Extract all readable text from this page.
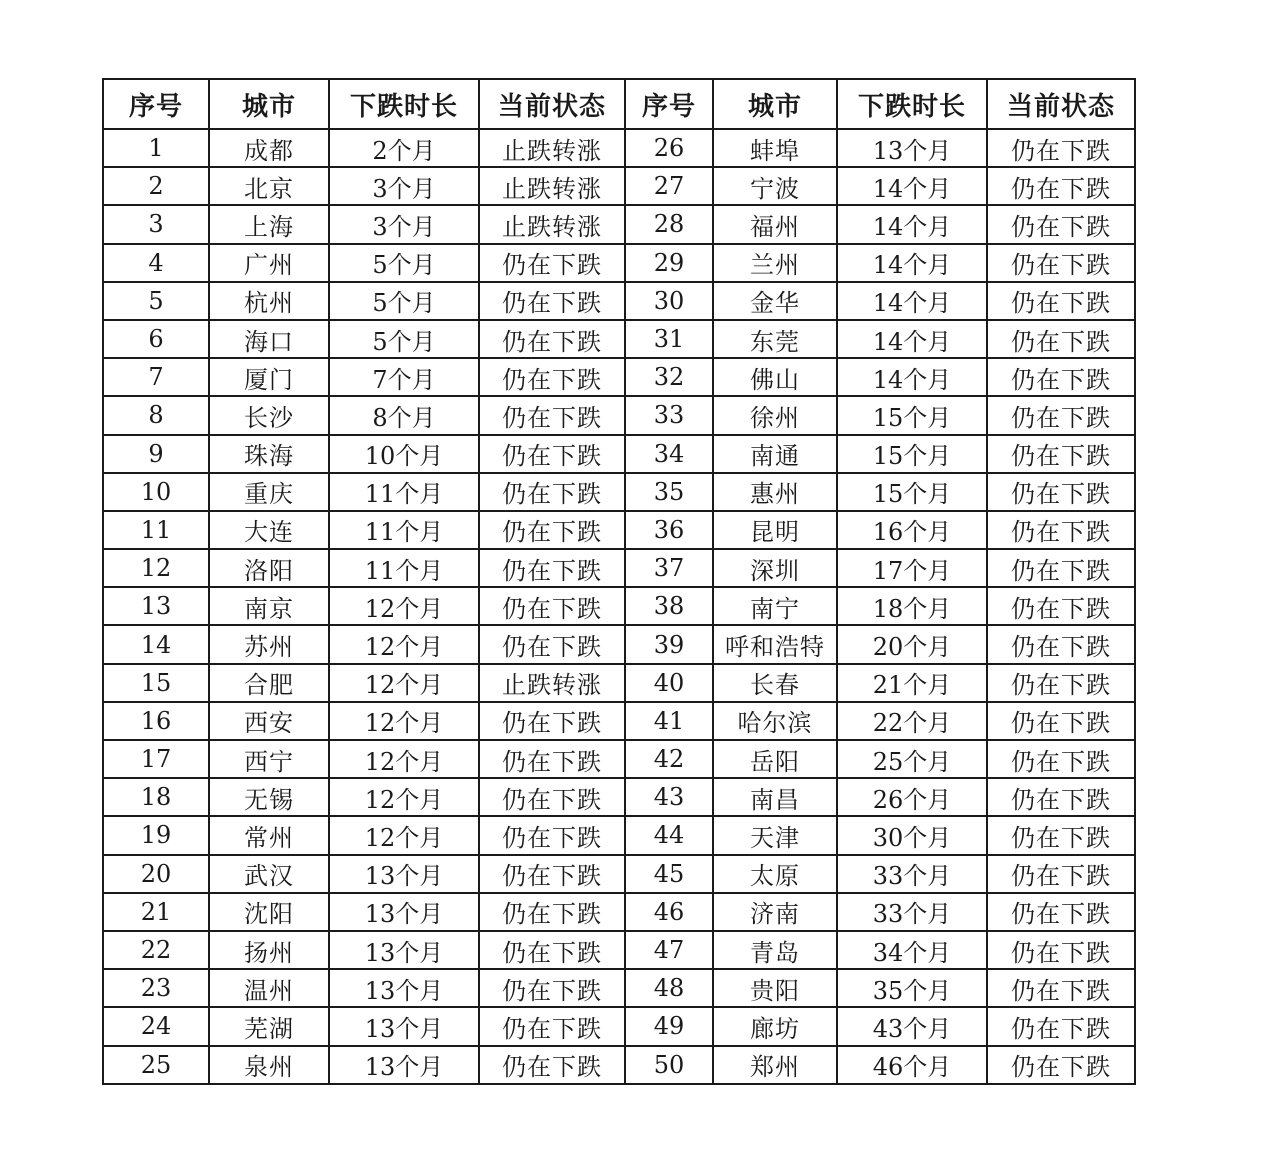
序号	城市	下跌时长	当前状态	序号	城市	下跌时长	当前状态
1	成都	2个月	止跌转涨	26	蚌埠	13个月	仍在下跌
2	北京	3个月	止跌转涨	27	宁波	14个月	仍在下跌
3	上海	3个月	止跌转涨	28	福州	14个月	仍在下跌
4	广州	5个月	仍在下跌	29	兰州	14个月	仍在下跌
5	杭州	5个月	仍在下跌	30	金华	14个月	仍在下跌
6	海口	5个月	仍在下跌	31	东莞	14个月	仍在下跌
7	厦门	7个月	仍在下跌	32	佛山	14个月	仍在下跌
8	长沙	8个月	仍在下跌	33	徐州	15个月	仍在下跌
9	珠海	10个月	仍在下跌	34	南通	15个月	仍在下跌
10	重庆	11个月	仍在下跌	35	惠州	15个月	仍在下跌
11	大连	11个月	仍在下跌	36	昆明	16个月	仍在下跌
12	洛阳	11个月	仍在下跌	37	深圳	17个月	仍在下跌
13	南京	12个月	仍在下跌	38	南宁	18个月	仍在下跌
14	苏州	12个月	仍在下跌	39	呼和浩特	20个月	仍在下跌
15	合肥	12个月	止跌转涨	40	长春	21个月	仍在下跌
16	西安	12个月	仍在下跌	41	哈尔滨	22个月	仍在下跌
17	西宁	12个月	仍在下跌	42	岳阳	25个月	仍在下跌
18	无锡	12个月	仍在下跌	43	南昌	26个月	仍在下跌
19	常州	12个月	仍在下跌	44	天津	30个月	仍在下跌
20	武汉	13个月	仍在下跌	45	太原	33个月	仍在下跌
21	沈阳	13个月	仍在下跌	46	济南	33个月	仍在下跌
22	扬州	13个月	仍在下跌	47	青岛	34个月	仍在下跌
23	温州	13个月	仍在下跌	48	贵阳	35个月	仍在下跌
24	芜湖	13个月	仍在下跌	49	廊坊	43个月	仍在下跌
25	泉州	13个月	仍在下跌	50	郑州	46个月	仍在下跌
